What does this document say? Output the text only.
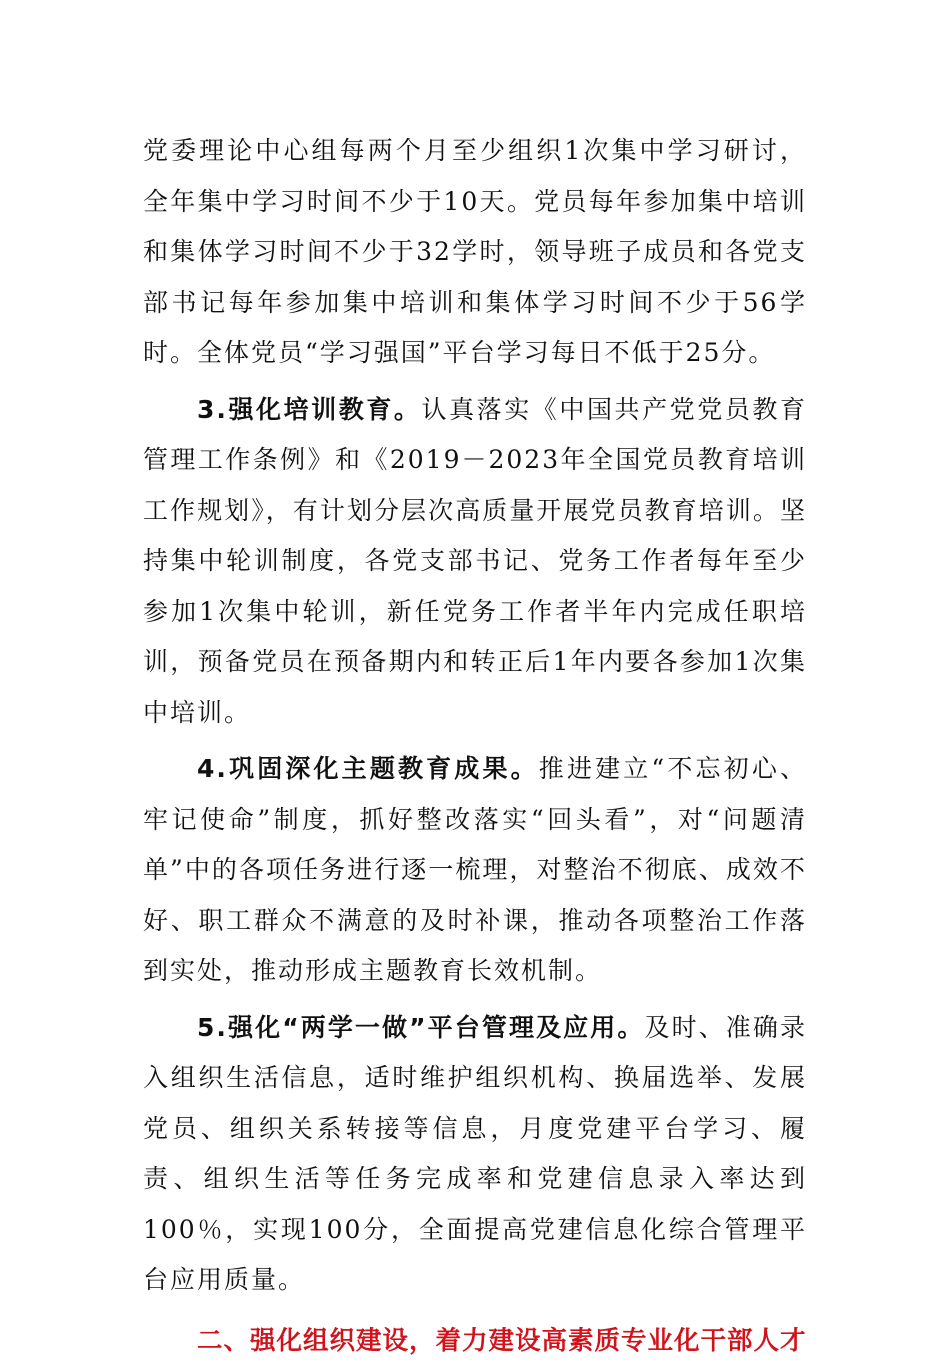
党委理论中心组每两个月至少组织1次集中学习研讨，全年集中学习时间不少于10天。党员每年参加集中培训和集体学习时间不少于32学时，领导班子成员和各党支部书记每年参加集中培训和集体学习时间不少于56学时。全体党员“学习强国”平台学习每日不低于25分。

3.强化培训教育。认真落实《中国共产党党员教育管理工作条例》和《2019－2023年全国党员教育培训工作规划》，有计划分层次高质量开展党员教育培训。坚持集中轮训制度，各党支部书记、党务工作者每年至少参加1次集中轮训，新任党务工作者半年内完成任职培训，预备党员在预备期内和转正后1年内要各参加1次集中培训。

4.巩固深化主题教育成果。推进建立“不忘初心、牢记使命”制度，抓好整改落实“回头看”，对“问题清单”中的各项任务进行逐一梳理，对整治不彻底、成效不好、职工群众不满意的及时补课，推动各项整治工作落到实处，推动形成主题教育长效机制。

5.强化“两学一做”平台管理及应用。及时、准确录入组织生活信息，适时维护组织机构、换届选举、发展党员、组织关系转接等信息，月度党建平台学习、履责、组织生活等任务完成率和党建信息录入率达到100％，实现100分，全面提高党建信息化综合管理平台应用质量。

二、强化组织建设，着力建设高素质专业化干部人才
